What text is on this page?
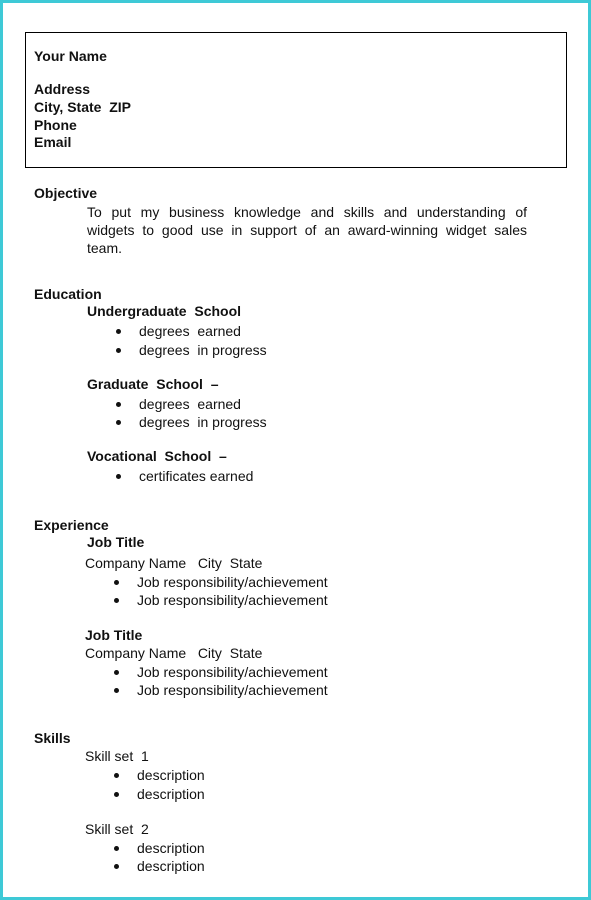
Your Name
Address
City, State  ZIP
Phone
Email
Objective
To put my business knowledge and skills and understanding of
widgets to good use in support of an award-winning widget sales
team.
Education
Undergraduate  School
degrees  earned
degrees  in progress
Graduate  School  –
degrees  earned
degrees  in progress
Vocational  School  –
certificates earned
Experience
Job Title
Company Name   City  State
Job responsibility/achievement
Job responsibility/achievement
Job Title
Company Name   City  State
Job responsibility/achievement
Job responsibility/achievement
Skills
Skill set  1
description
description
Skill set  2
description
description
